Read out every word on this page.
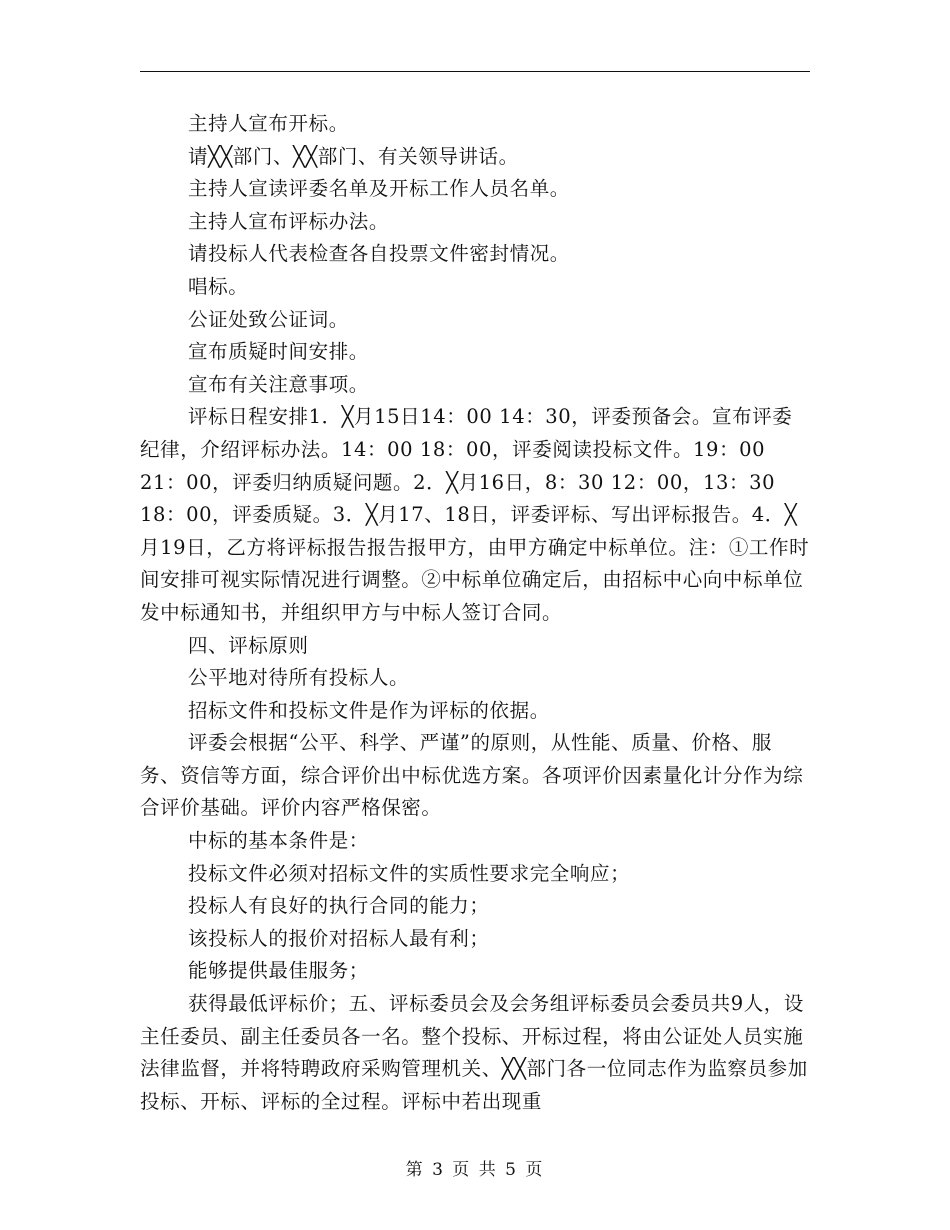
主持人宣布开标。

请╳╳部门、╳╳部门、有关领导讲话。

主持人宣读评委名单及开标工作人员名单。

主持人宣布评标办法。

请投标人代表检查各自投票文件密封情况。

唱标。

公证处致公证词。

宣布质疑时间安排。

宣布有关注意事项。

评标日程安排1．╳月15日14：00 14：30，评委预备会。宣布评委纪律，介绍评标办法。14：00 18：00，评委阅读投标文件。19：00 21：00，评委归纳质疑问题。2．╳月16日，8：30 12：00，13：30 18：00，评委质疑。3．╳月17、18日，评委评标、写出评标报告。4．╳月19日，乙方将评标报告报告报甲方，由甲方确定中标单位。注：①工作时间安排可视实际情况进行调整。②中标单位确定后，由招标中心向中标单位发中标通知书，并组织甲方与中标人签订合同。

四、评标原则

公平地对待所有投标人。

招标文件和投标文件是作为评标的依据。

评委会根据“公平、科学、严谨”的原则，从性能、质量、价格、服务、资信等方面，综合评价出中标优选方案。各项评价因素量化计分作为综合评价基础。评价内容严格保密。

中标的基本条件是：

投标文件必须对招标文件的实质性要求完全响应；

投标人有良好的执行合同的能力；

该投标人的报价对招标人最有利；

能够提供最佳服务；

获得最低评标价；五、评标委员会及会务组评标委员会委员共9人，设主任委员、副主任委员各一名。整个投标、开标过程，将由公证处人员实施法律监督，并将特聘政府采购管理机关、╳╳部门各一位同志作为监察员参加投标、开标、评标的全过程。评标中若出现重

第 3 页 共 5 页
